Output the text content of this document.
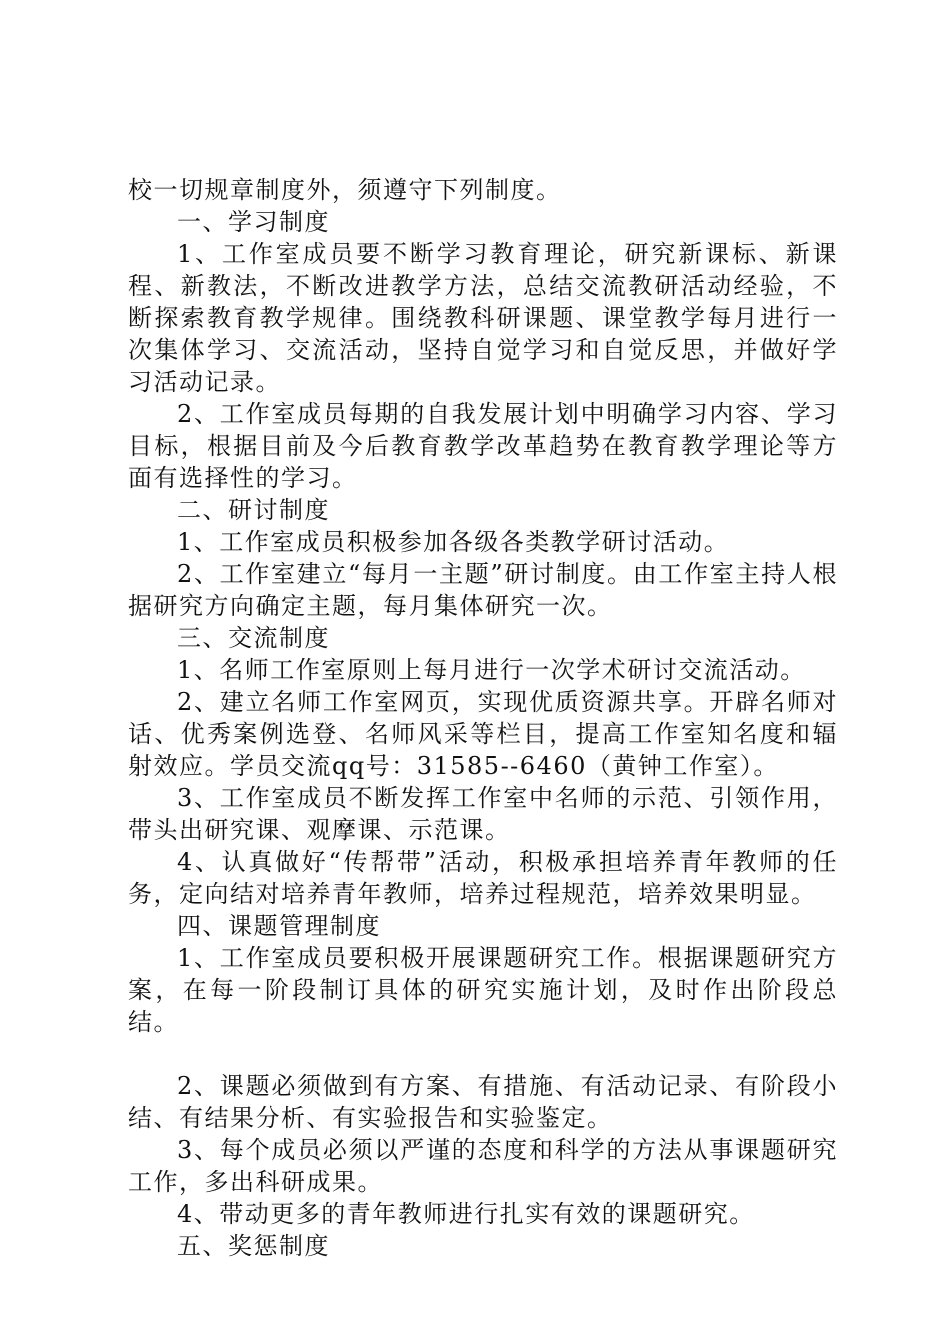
校一切规章制度外，须遵守下列制度。

一、学习制度

1、工作室成员要不断学习教育理论，研究新课标、新课程、新教法，不断改进教学方法，总结交流教研活动经验，不断探索教育教学规律。围绕教科研课题、课堂教学每月进行一次集体学习、交流活动，坚持自觉学习和自觉反思，并做好学习活动记录。

2、工作室成员每期的自我发展计划中明确学习内容、学习目标，根据目前及今后教育教学改革趋势在教育教学理论等方面有选择性的学习。

二、研讨制度

1、工作室成员积极参加各级各类教学研讨活动。

2、工作室建立“每月一主题”研讨制度。由工作室主持人根据研究方向确定主题，每月集体研究一次。

三、交流制度

1、名师工作室原则上每月进行一次学术研讨交流活动。

2、建立名师工作室网页，实现优质资源共享。开辟名师对话、优秀案例选登、名师风采等栏目，提高工作室知名度和辐射效应。学员交流qq号：31585--6460（黄钟工作室）。

3、工作室成员不断发挥工作室中名师的示范、引领作用，带头出研究课、观摩课、示范课。

4、认真做好“传帮带”活动，积极承担培养青年教师的任务，定向结对培养青年教师，培养过程规范，培养效果明显。

四、课题管理制度

1、工作室成员要积极开展课题研究工作。根据课题研究方案，在每一阶段制订具体的研究实施计划，及时作出阶段总结。

2、课题必须做到有方案、有措施、有活动记录、有阶段小结、有结果分析、有实验报告和实验鉴定。

3、每个成员必须以严谨的态度和科学的方法从事课题研究工作，多出科研成果。

4、带动更多的青年教师进行扎实有效的课题研究。

五、奖惩制度
